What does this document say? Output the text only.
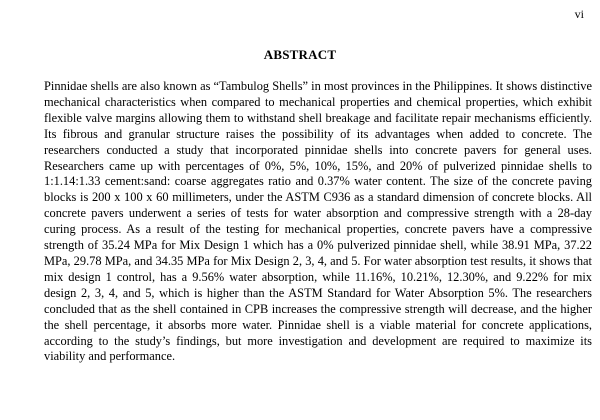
vi
ABSTRACT

Pinnidae shells are also known as “Tambulog Shells” in most provinces in the Philippines. It shows distinctive mechanical characteristics when compared to mechanical properties and chemical properties, which exhibit flexible valve margins allowing them to withstand shell breakage and facilitate repair mechanisms efficiently. Its fibrous and granular structure raises the possibility of its advantages when added to concrete. The researchers conducted a study that incorporated pinnidae shells into concrete pavers for general uses. Researchers came up with percentages of 0%, 5%, 10%, 15%, and 20% of pulverized pinnidae shells to 1:1.14:1.33 cement:sand: coarse aggregates ratio and 0.37% water content. The size of the concrete paving blocks is 200 x 100 x 60 millimeters, under the ASTM C936 as a standard dimension of concrete blocks. All concrete pavers underwent a series of tests for water absorption and compressive strength with a 28-day curing process. As a result of the testing for mechanical properties, concrete pavers have a compressive strength of 35.24 MPa for Mix Design 1 which has a 0% pulverized pinnidae shell, while 38.91 MPa, 37.22 MPa, 29.78 MPa, and 34.35 MPa for Mix Design 2, 3, 4, and 5. For water absorption test results, it shows that mix design 1 control, has a 9.56% water absorption, while 11.16%, 10.21%, 12.30%, and 9.22% for mix design 2, 3, 4, and 5, which is higher than the ASTM Standard for Water Absorption 5%. The researchers concluded that as the shell contained in CPB increases the compressive strength will decrease, and the higher the shell percentage, it absorbs more water. Pinnidae shell is a viable material for concrete applications, according to the study’s findings, but more investigation and development are required to maximize its viability and performance.
